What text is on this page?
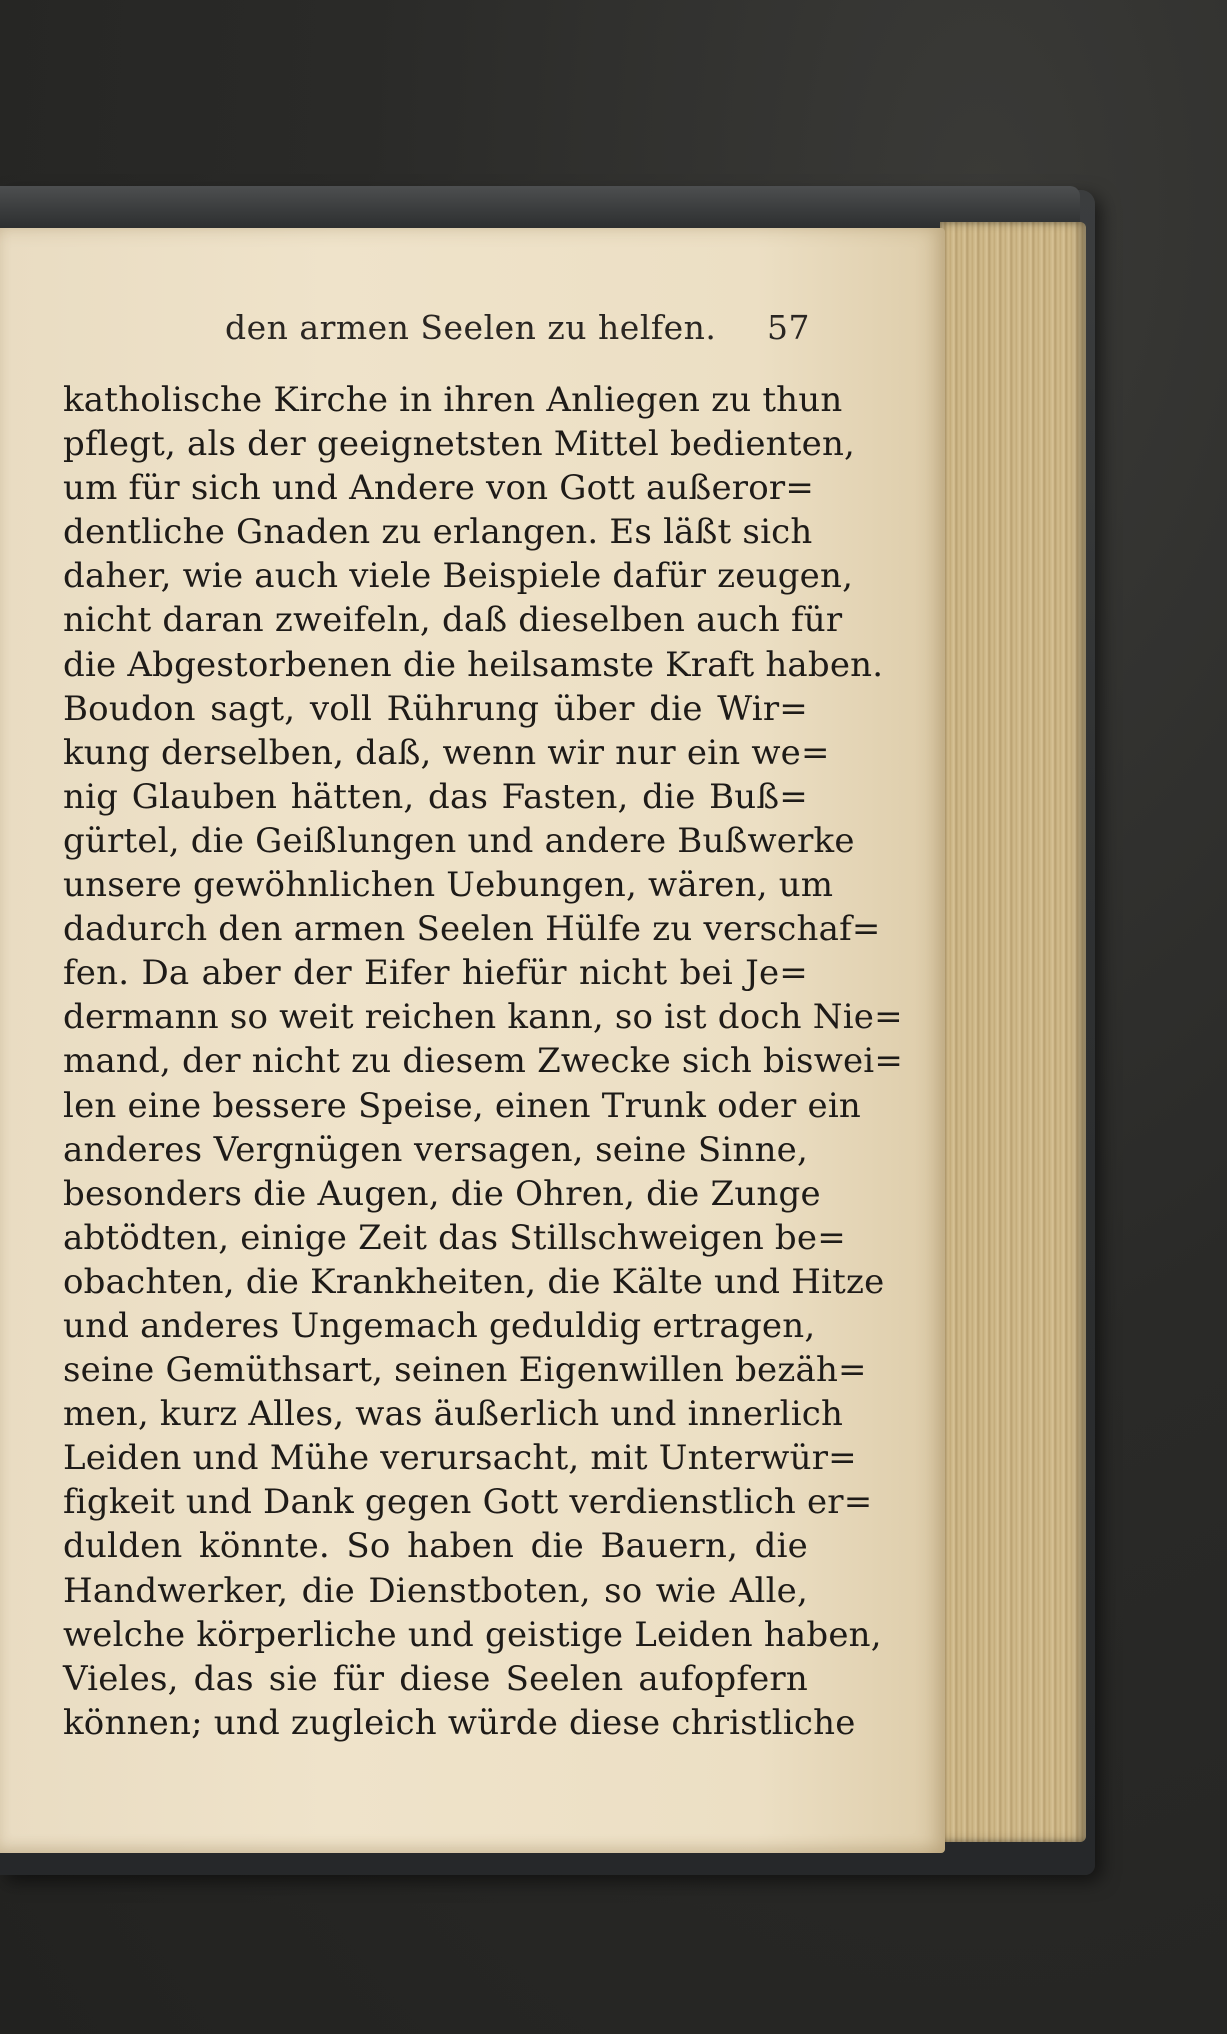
den armen Seelen zu helfen. 57
katholische Kirche in ihren Anliegen zu thun
pflegt, als der geeignetsten Mittel bedienten,
um für sich und Andere von Gott außeror=
dentliche Gnaden zu erlangen. Es läßt sich
daher, wie auch viele Beispiele dafür zeugen,
nicht daran zweifeln, daß dieselben auch für
die Abgestorbenen die heilsamste Kraft haben.
Boudon sagt, voll Rührung über die Wir=
kung derselben, daß, wenn wir nur ein we=
nig Glauben hätten, das Fasten, die Buß=
gürtel, die Geißlungen und andere Bußwerke
unsere gewöhnlichen Uebungen, wären, um
dadurch den armen Seelen Hülfe zu verschaf=
fen. Da aber der Eifer hiefür nicht bei Je=
dermann so weit reichen kann, so ist doch Nie=
mand, der nicht zu diesem Zwecke sich biswei=
len eine bessere Speise, einen Trunk oder ein
anderes Vergnügen versagen, seine Sinne,
besonders die Augen, die Ohren, die Zunge
abtödten, einige Zeit das Stillschweigen be=
obachten, die Krankheiten, die Kälte und Hitze
und anderes Ungemach geduldig ertragen,
seine Gemüthsart, seinen Eigenwillen bezäh=
men, kurz Alles, was äußerlich und innerlich
Leiden und Mühe verursacht, mit Unterwür=
figkeit und Dank gegen Gott verdienstlich er=
dulden könnte. So haben die Bauern, die
Handwerker, die Dienstboten, so wie Alle,
welche körperliche und geistige Leiden haben,
Vieles, das sie für diese Seelen aufopfern
können; und zugleich würde diese christliche
